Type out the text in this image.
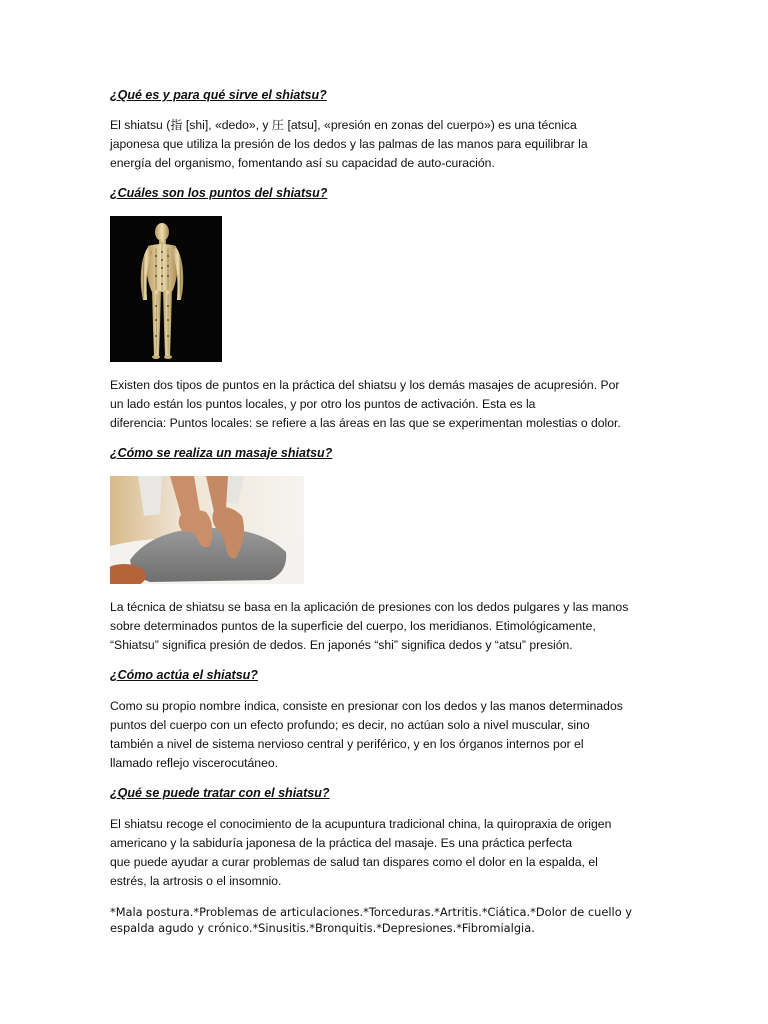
¿Qué es y para qué sirve el shiatsu?
El shiatsu (指 [shi], «dedo», y 圧 [atsu], «presión en zonas del cuerpo») es una técnica
japonesa que utiliza la presión de los dedos y las palmas de las manos para equilibrar la
energía del organismo, fomentando así su capacidad de auto-curación.
¿Cuáles son los puntos del shiatsu?
Existen dos tipos de puntos en la práctica del shiatsu y los demás masajes de acupresión. Por
un lado están los puntos locales, y por otro los puntos de activación. Esta es la
diferencia: Puntos locales: se refiere a las áreas en las que se experimentan molestias o dolor.
¿Cómo se realiza un masaje shiatsu?
La técnica de shiatsu se basa en la aplicación de presiones con los dedos pulgares y las manos
sobre determinados puntos de la superficie del cuerpo, los meridianos. Etimológicamente,
“Shiatsu” significa presión de dedos. En japonés “shi” significa dedos y “atsu” presión.
¿Cómo actúa el shiatsu?
Como su propio nombre indica, consiste en presionar con los dedos y las manos determinados
puntos del cuerpo con un efecto profundo; es decir, no actúan solo a nivel muscular, sino
también a nivel de sistema nervioso central y periférico, y en los órganos internos por el
llamado reflejo viscerocutáneo.
¿Qué se puede tratar con el shiatsu?
El shiatsu recoge el conocimiento de la acupuntura tradicional china, la quiropraxia de origen
americano y la sabiduría japonesa de la práctica del masaje. Es una práctica perfecta
que puede ayudar a curar problemas de salud tan dispares como el dolor en la espalda, el
estrés, la artrosis o el insomnio.
*Mala postura.*Problemas de articulaciones.*Torceduras.*Artritis.*Ciática.*Dolor de cuello y
espalda agudo y crónico.*Sinusitis.*Bronquitis.*Depresiones.*Fibromialgia.
